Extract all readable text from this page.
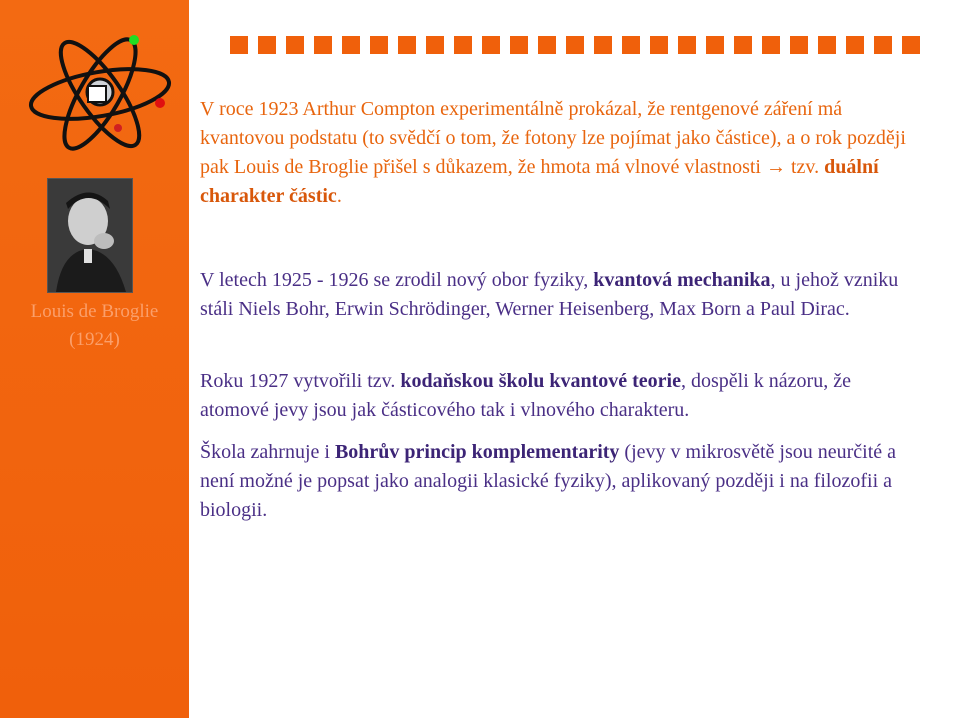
Louis de Broglie
(1924)

V roce 1923 Arthur Compton experimentálně prokázal, že rentgenové záření má kvantovou podstatu (to svědčí o tom, že fotony lze pojímat jako částice), a o rok později pak Louis de Broglie přišel s důkazem, že hmota má vlnové vlastnosti → tzv. duální charakter částic.

V letech 1925 - 1926 se zrodil nový obor fyziky, kvantová mechanika, u jehož vzniku stáli Niels Bohr, Erwin Schrödinger, Werner Heisenberg, Max Born a Paul Dirac.

Roku 1927 vytvořili tzv. kodaňskou školu kvantové teorie, dospěli k názoru, že atomové jevy jsou jak částicového tak i vlnového charakteru.

Škola zahrnuje i Bohrův princip komplementarity (jevy v mikrosvětě jsou neurčité a není možné je popsat jako analogii klasické fyziky), aplikovaný později i na filozofii a biologii.
